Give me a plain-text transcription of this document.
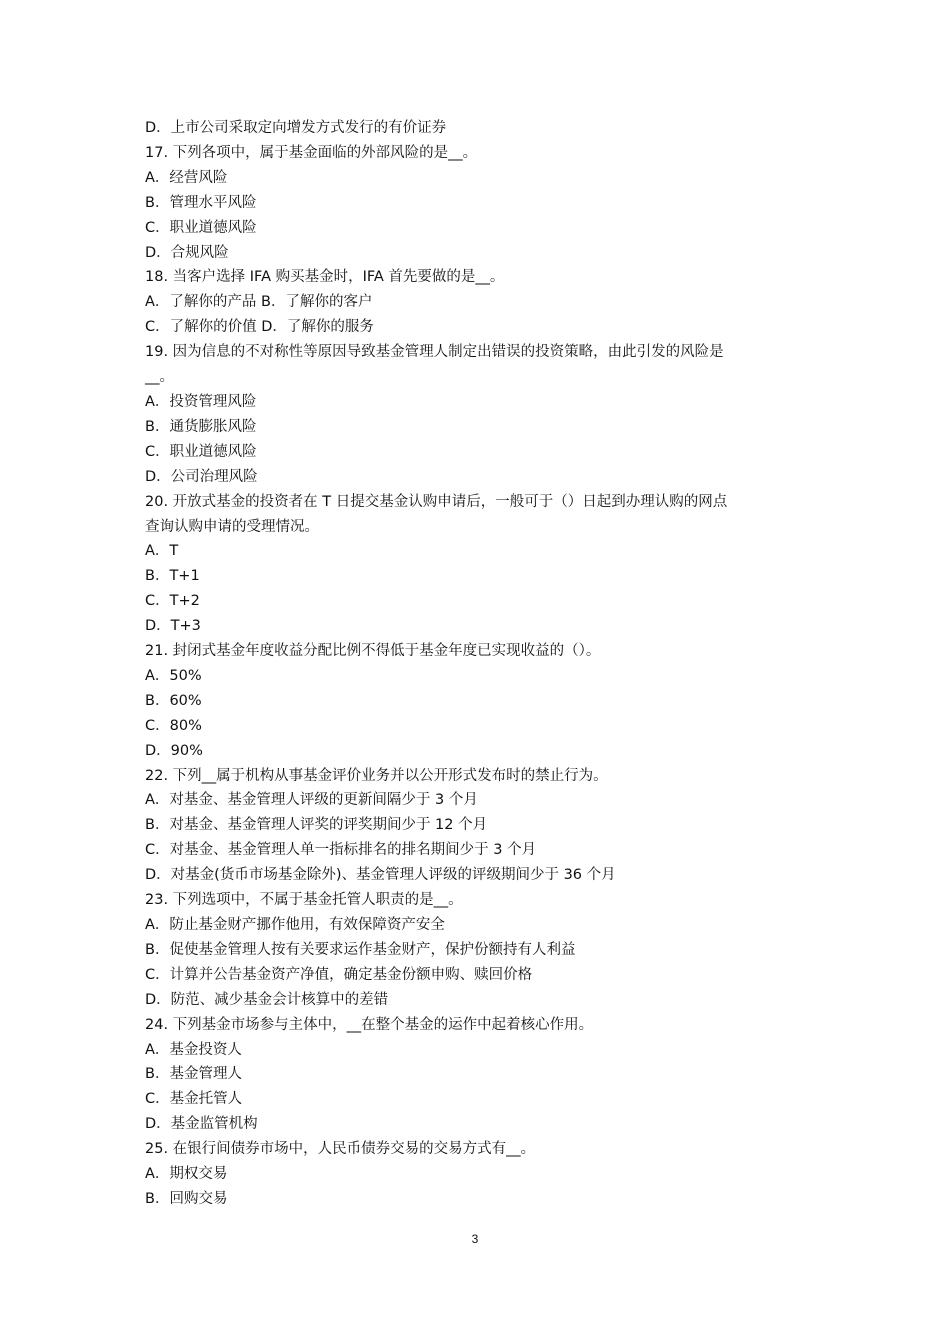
D．上市公司采取定向增发方式发行的有价证券
17. 下列各项中，属于基金面临的外部风险的是__。
A．经营风险
B．管理水平风险
C．职业道德风险
D．合规风险
18. 当客户选择 IFA 购买基金时，IFA 首先要做的是__。
A．了解你的产品 B．了解你的客户
C．了解你的价值 D．了解你的服务
19. 因为信息的不对称性等原因导致基金管理人制定出错误的投资策略，由此引发的风险是
__。
A．投资管理风险
B．通货膨胀风险
C．职业道德风险
D．公司治理风险
20. 开放式基金的投资者在 T 日提交基金认购申请后，一般可于（）日起到办理认购的网点
查询认购申请的受理情况。
A．T
B．T+1
C．T+2
D．T+3
21. 封闭式基金年度收益分配比例不得低于基金年度已实现收益的（）。
A．50%
B．60%
C．80%
D．90%
22. 下列__属于机构从事基金评价业务并以公开形式发布时的禁止行为。
A．对基金、基金管理人评级的更新间隔少于 3 个月
B．对基金、基金管理人评奖的评奖期间少于 12 个月
C．对基金、基金管理人单一指标排名的排名期间少于 3 个月
D．对基金(货币市场基金除外)、基金管理人评级的评级期间少于 36 个月
23. 下列选项中，不属于基金托管人职责的是__。
A．防止基金财产挪作他用，有效保障资产安全
B．促使基金管理人按有关要求运作基金财产，保护份额持有人利益
C．计算并公告基金资产净值，确定基金份额申购、赎回价格
D．防范、减少基金会计核算中的差错
24. 下列基金市场参与主体中，__在整个基金的运作中起着核心作用。
A．基金投资人
B．基金管理人
C．基金托管人
D．基金监管机构
25. 在银行间债券市场中，人民币债券交易的交易方式有__。
A．期权交易
B．回购交易
3
